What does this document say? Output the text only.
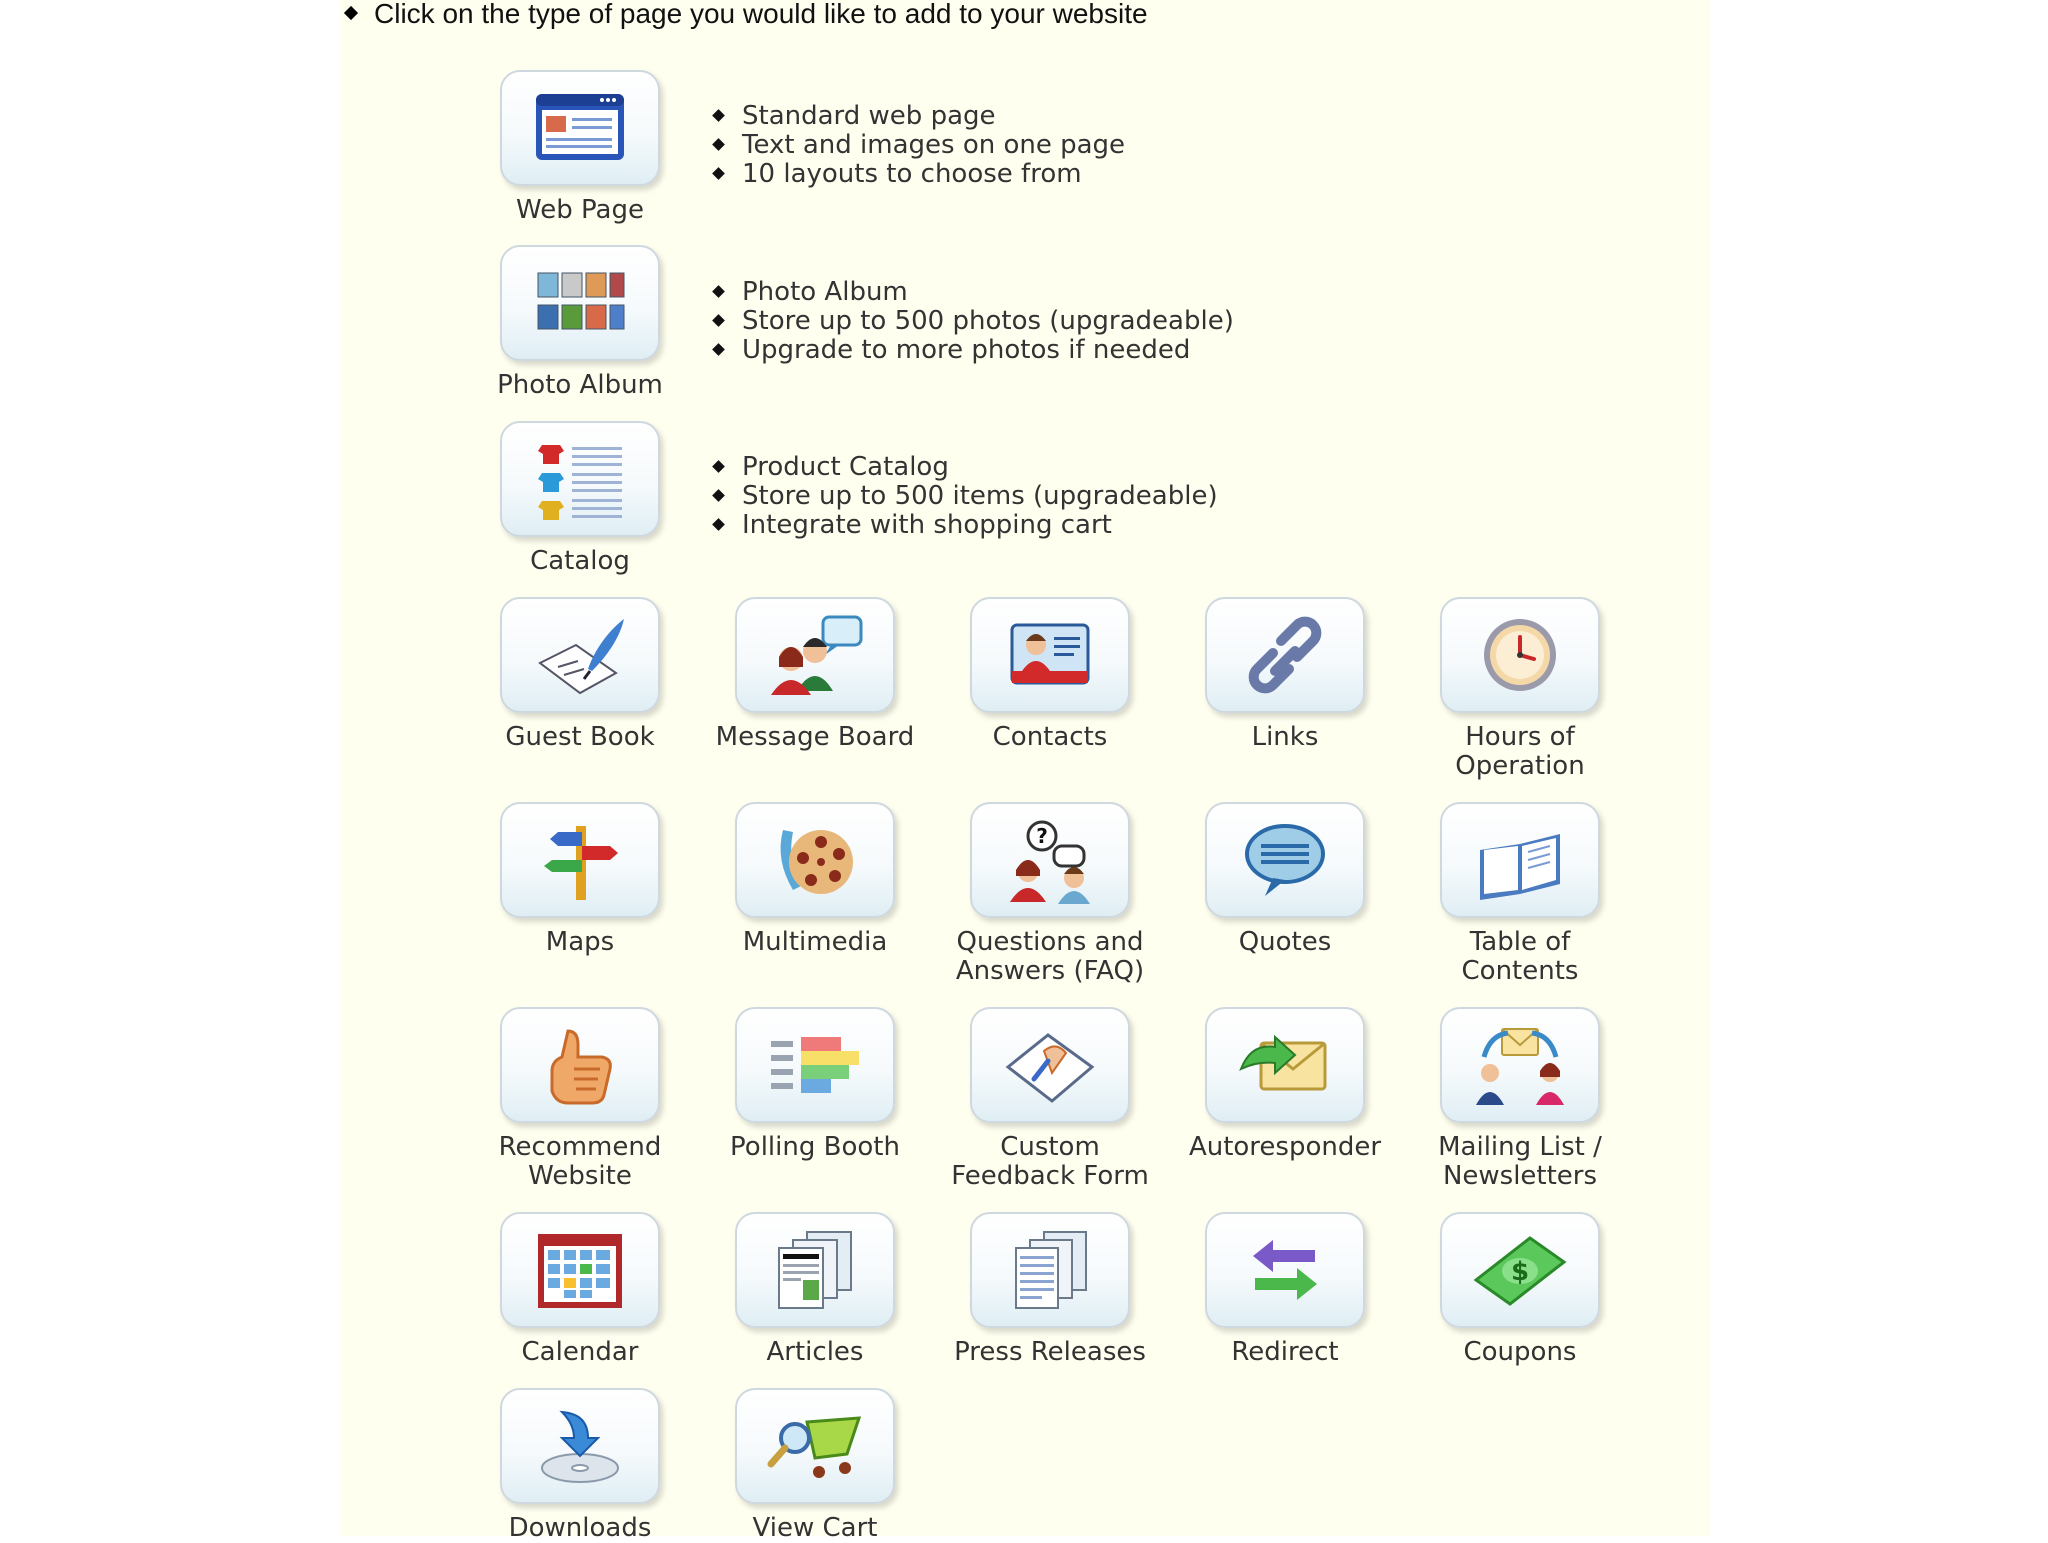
Click on the type of page you would like to add to your website
Web Page
Standard web page
Text and images on one page
10 layouts to choose from
Photo Album
Photo Album
Store up to 500 photos (upgradeable)
Upgrade to more photos if needed
Catalog
Product Catalog
Store up to 500 items (upgradeable)
Integrate with shopping cart
Guest Book	Message Board	Contacts	Links	Hours of
Operation
Maps	Multimedia
?
Questions and
Answers (FAQ)
Quotes	Table of
Contents
Recommend
Website
Polling Booth	Custom
Feedback Form
Autoresponder	Mailing List /
Newsletters
Calendar	Articles	Press Releases	Redirect
$
Coupons
Downloads	View Cart
